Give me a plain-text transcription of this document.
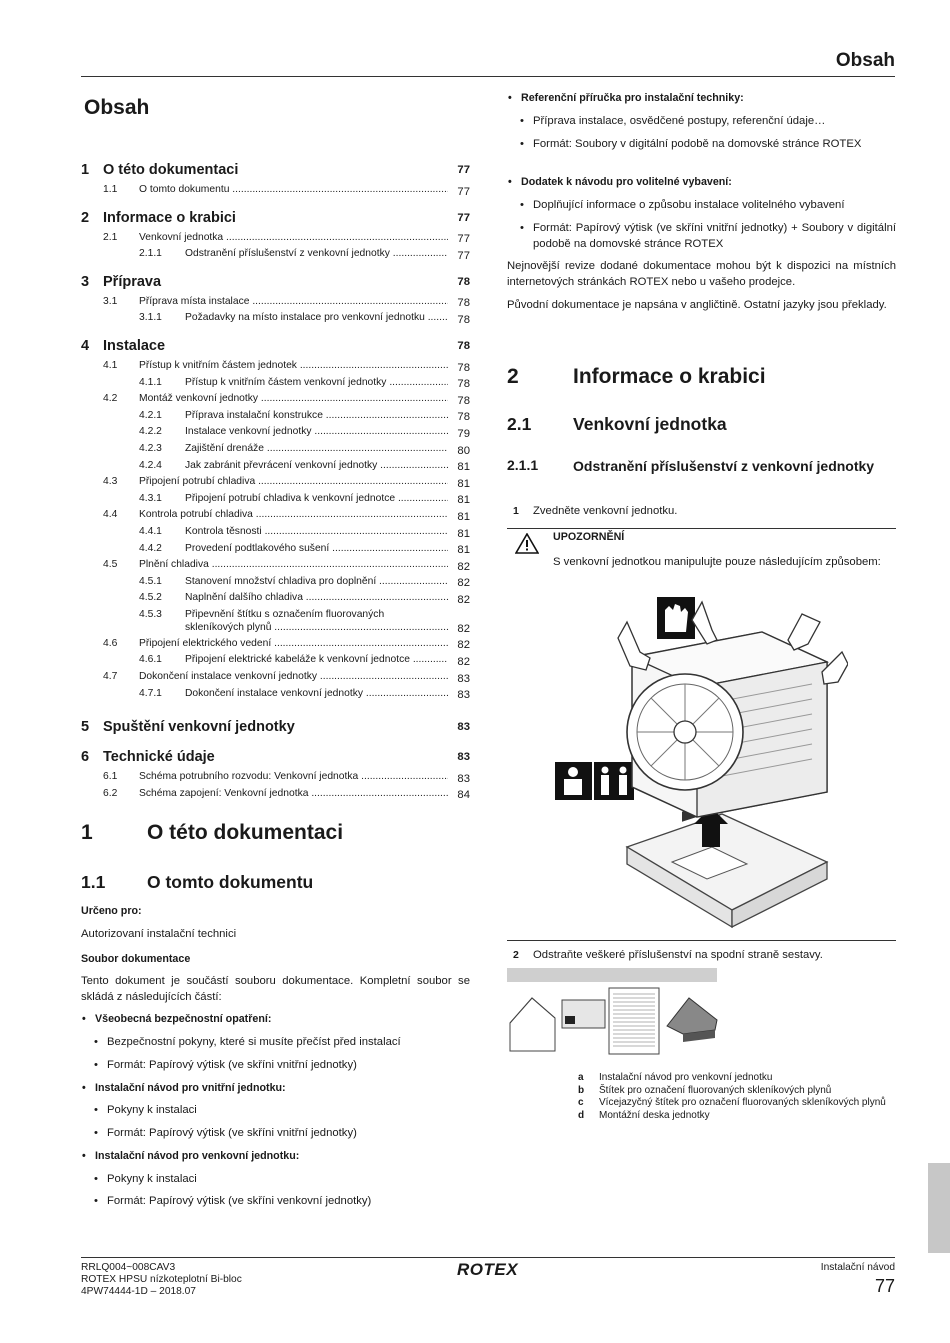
Obsah
Obsah
1 O této dokumentaci	77
1.1	O tomto dokumentu .....	77
2 Informace o krabici	77
2.1	Venkovní jednotka .....	77
2.1.1	Odstranění příslušenství z venkovní jednotky .....	77
3 Příprava	78
3.1	Příprava místa instalace .....	78
3.1.1	Požadavky na místo instalace pro venkovní jednotku .....	78
4 Instalace	78
4.1	Přístup k vnitřním částem jednotek .....	78
4.1.1	Přístup k vnitřním částem venkovní jednotky .....	78
4.2	Montáž venkovní jednotky .....	78
4.2.1	Příprava instalační konstrukce .....	78
4.2.2	Instalace venkovní jednotky .....	79
4.2.3	Zajištění drenáže .....	80
4.2.4	Jak zabránit převrácení venkovní jednotky .....	81
4.3	Připojení potrubí chladiva .....	81
4.3.1	Připojení potrubí chladiva k venkovní jednotce .....	81
4.4	Kontrola potrubí chladiva .....	81
4.4.1	Kontrola těsnosti .....	81
4.4.2	Provedení podtlakového sušení .....	81
4.5	Plnění chladiva .....	82
4.5.1	Stanovení množství chladiva pro doplnění .....	82
4.5.2	Naplnění dalšího chladiva .....	82
4.5.3	Připevnění štítku s označením fluorovaných
skleníkových plynů .....	82
4.6	Připojení elektrického vedení .....	82
4.6.1	Připojení elektrické kabeláže k venkovní jednotce .....	82
4.7	Dokončení instalace venkovní jednotky .....	83
4.7.1	Dokončení instalace venkovní jednotky .....	83
5 Spuštění venkovní jednotky	83
6 Technické údaje	83
6.1	Schéma potrubního rozvodu: Venkovní jednotka .....	83
6.2	Schéma zapojení: Venkovní jednotka .....	84
1	O této dokumentaci
1.1 O tomto dokumentu
Určeno pro:
Autorizovaní instalační technici
Soubor dokumentace
Tento dokument je součástí souboru dokumentace. Kompletní soubor se skládá z následujících částí:
• Všeobecná bezpečnostní opatření:
• Bezpečnostní pokyny, které si musíte přečíst před instalací
• Formát: Papírový výtisk (ve skříni vnitřní jednotky)
• Instalační návod pro vnitřní jednotku:
• Pokyny k instalaci
• Formát: Papírový výtisk (ve skříni vnitřní jednotky)
• Instalační návod pro venkovní jednotku:
• Pokyny k instalaci
• Formát: Papírový výtisk (ve skříni venkovní jednotky)
• Referenční příručka pro instalační techniky:
• Příprava instalace, osvědčené postupy, referenční údaje…
• Formát: Soubory v digitální podobě na domovské stránce ROTEX
• Dodatek k návodu pro volitelné vybavení:
• Doplňující informace o způsobu instalace volitelného vybavení
• Formát: Papírový výtisk (ve skříni vnitřní jednotky) + Soubory v digitální podobě na domovské stránce ROTEX
Nejnovější revize dodané dokumentace mohou být k dispozici na místních internetových stránkách ROTEX nebo u vašeho prodejce.
Původní dokumentace je napsána v angličtině. Ostatní jazyky jsou překlady.
2	Informace o krabici
2.1 Venkovní jednotka
2.1.1 Odstranění příslušenství z venkovní jednotky
1 Zvedněte venkovní jednotku.
UPOZORNĚNÍ
S venkovní jednotkou manipulujte pouze následujícím způsobem:
2 Odstraňte veškeré příslušenství na spodní straně sestavy.
a Instalační návod pro venkovní jednotku
b Štítek pro označení fluorovaných skleníkových plynů
c Vícejazyčný štítek pro označení fluorovaných skleníkových plynů
d Montážní deska jednotky
RRLQ004~008CAV3
ROTEX HPSU nízkoteplotní Bi-bloc
4PW74444-1D – 2018.07
ROTEX	Instalační návod
77
